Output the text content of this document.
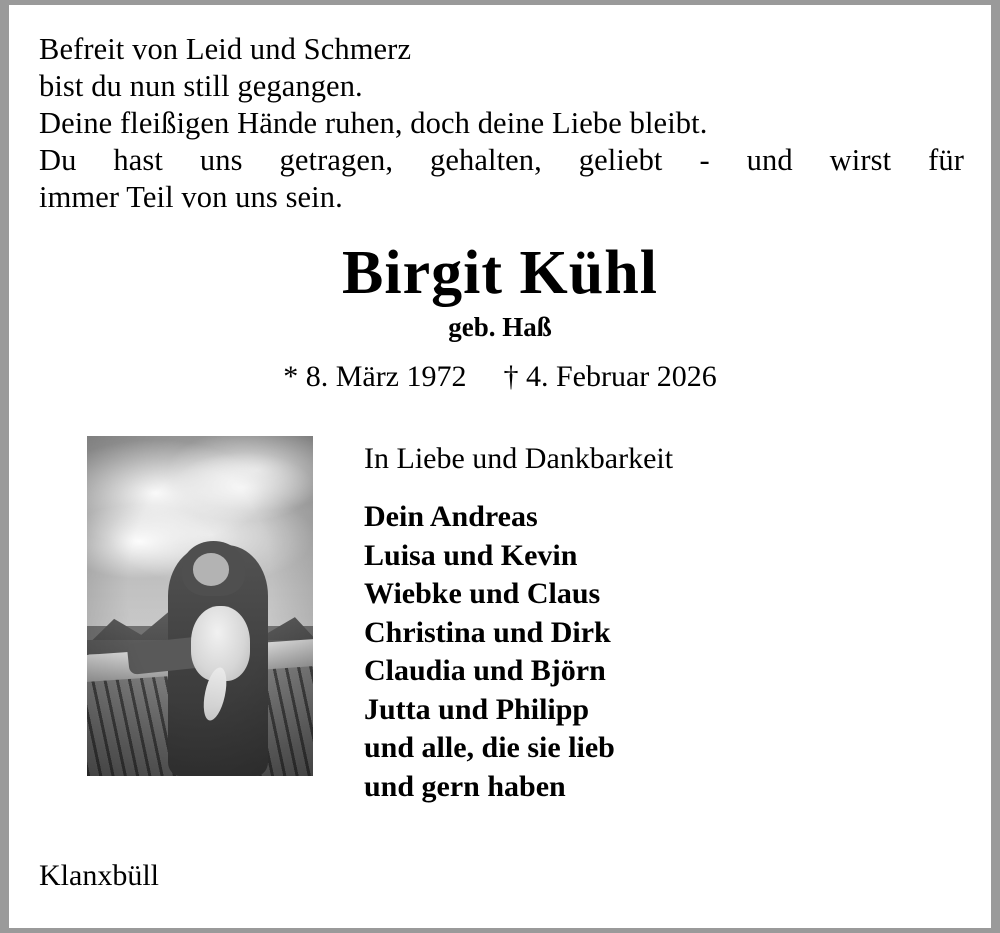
Befreit von Leid und Schmerz
bist du nun still gegangen.
Deine fleißigen Hände ruhen, doch deine Liebe bleibt.
Du hast uns getragen, gehalten, geliebt - und wirst für
immer Teil von uns sein.
Birgit Kühl
geb. Haß
* 8. März 1972 † 4. Februar 2026
In Liebe und Dankbarkeit
Dein Andreas
Luisa und Kevin
Wiebke und Claus
Christina und Dirk
Claudia und Björn
Jutta und Philipp
und alle, die sie lieb
und gern haben
Klanxbüll
